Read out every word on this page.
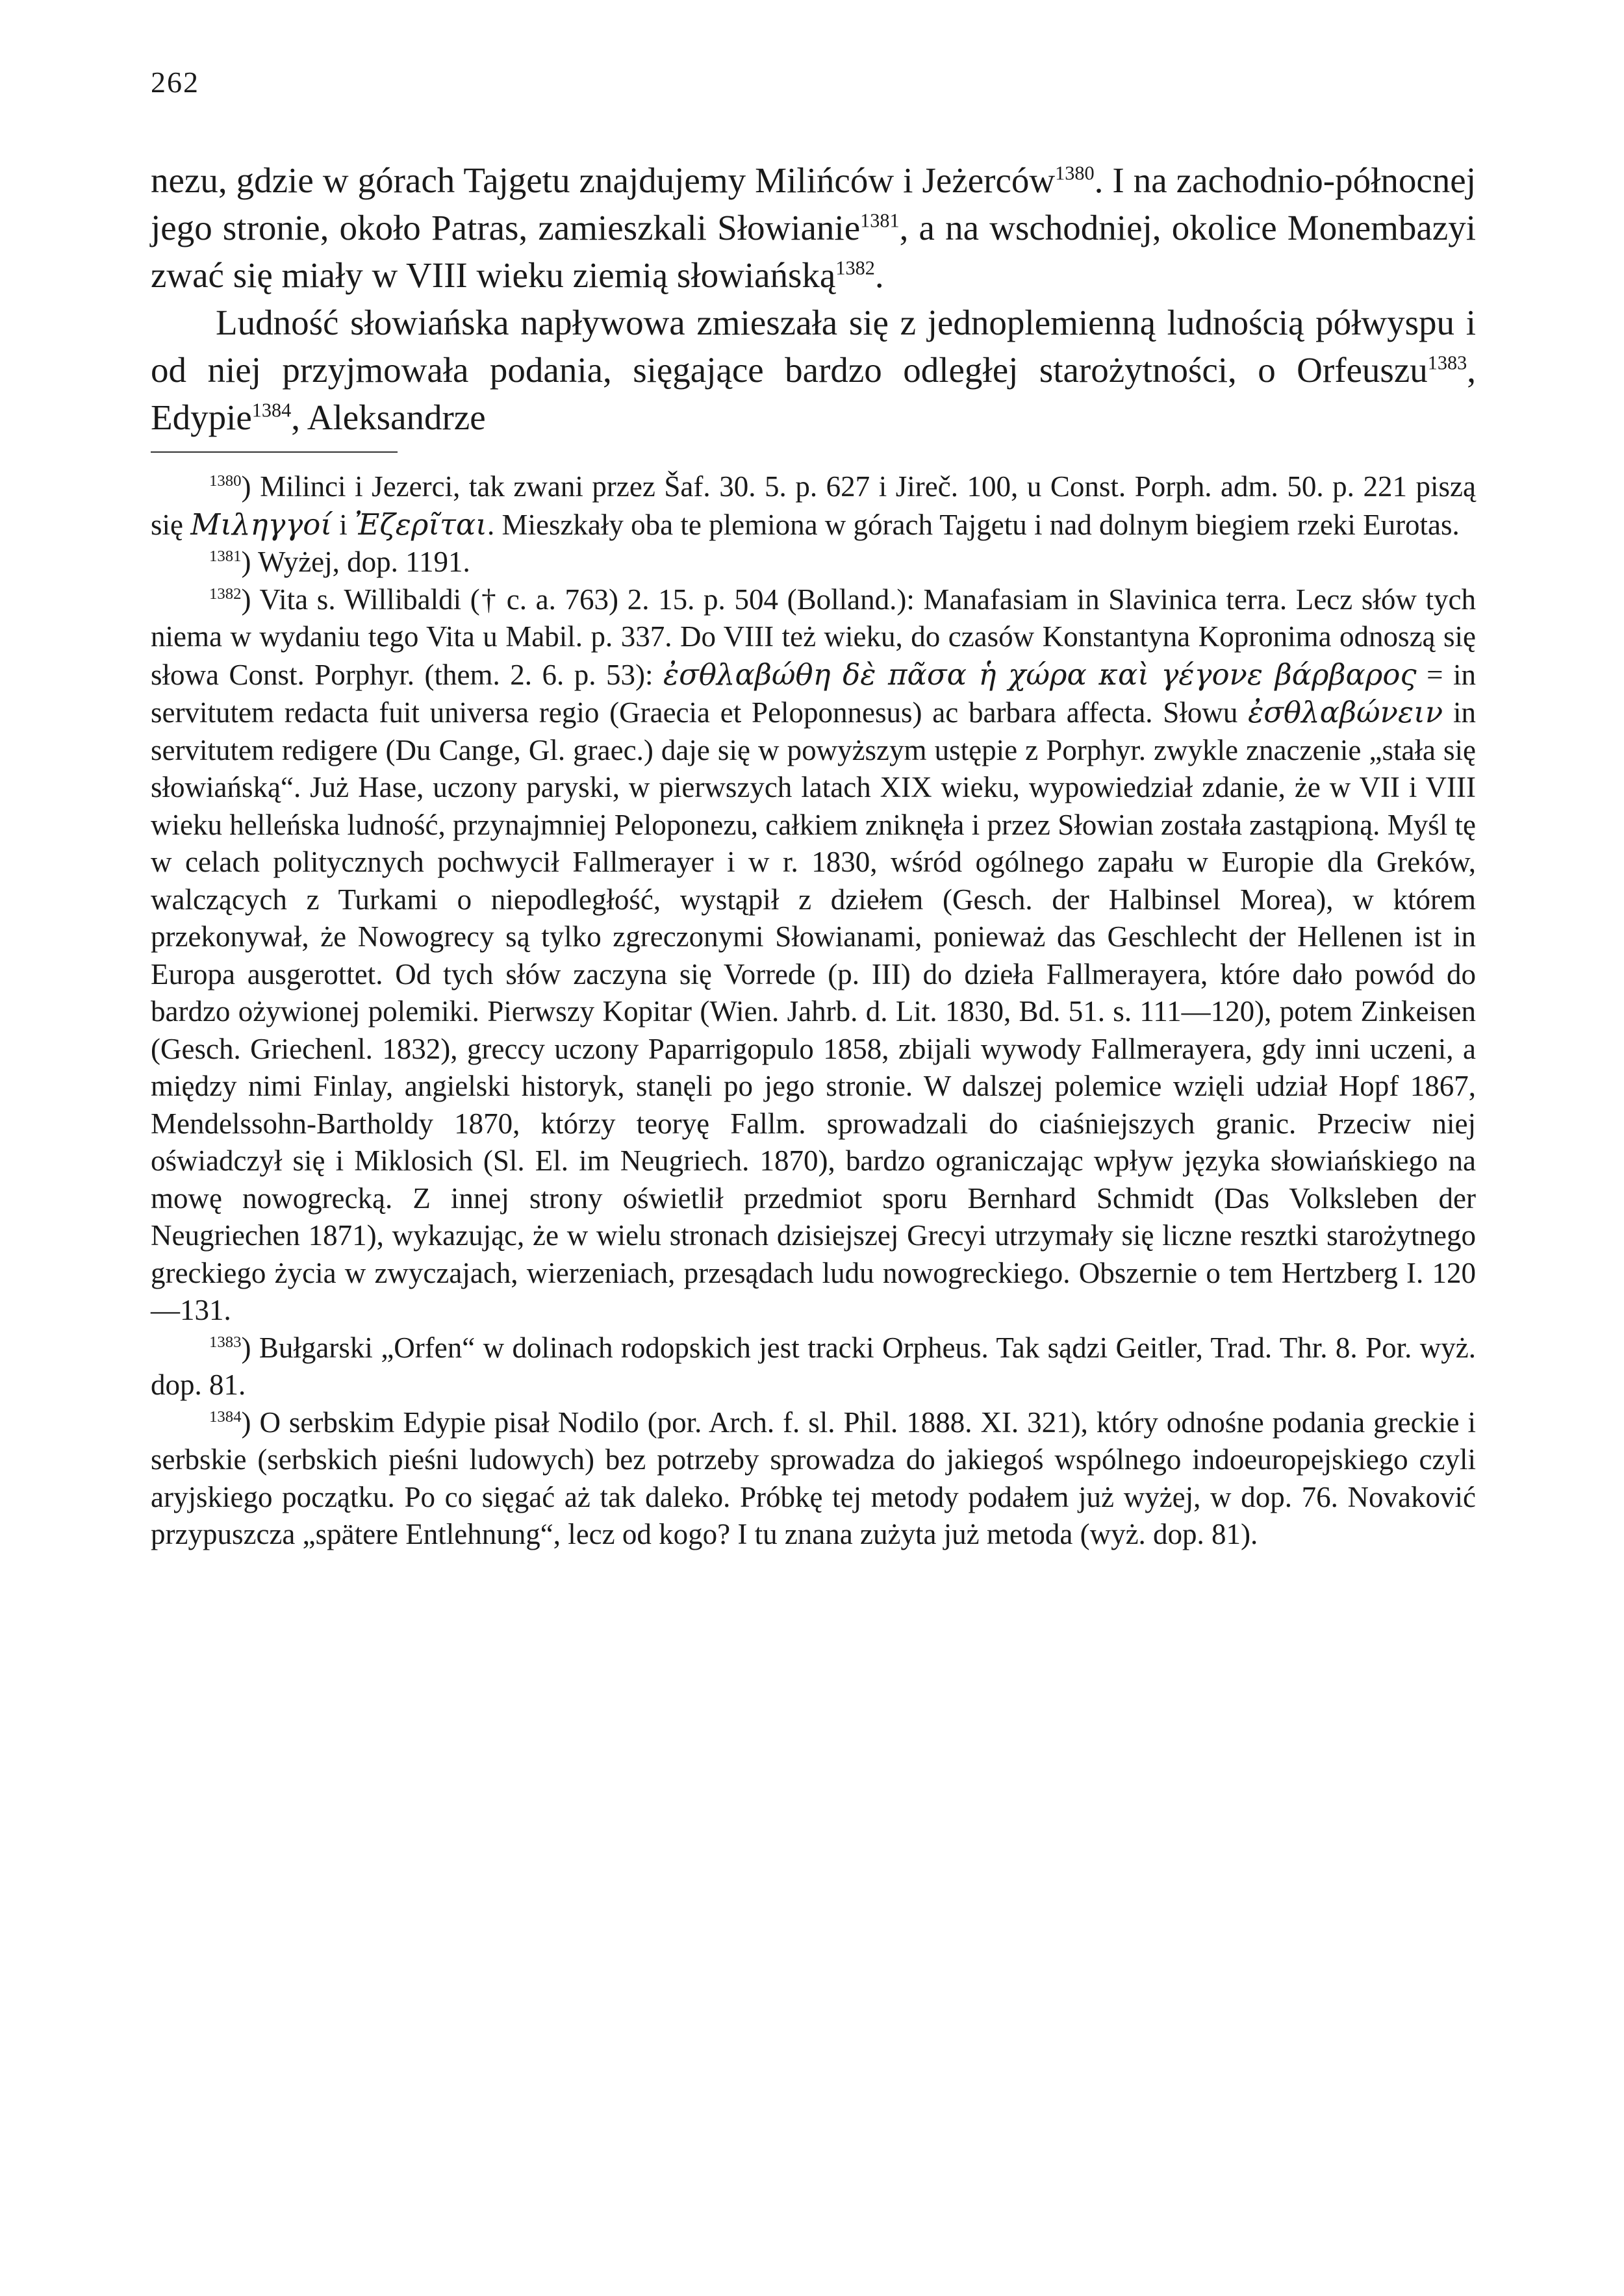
262

nezu, gdzie w górach Tajgetu znajdujemy Milińców i Jeżerców$^{1380}$. I na zachodnio-północnej jego stronie, około Patras, zamieszkali Słowianie$^{1381}$, a na wschodniej, okolice Monembazyi zwać się miały w VIII wieku ziemią słowiańską$^{1382}$.

Ludność słowiańska napływowa zmieszała się z jednoplemienną ludnością półwyspu i od niej przyjmowała podania, sięgające bardzo odległej starożytności, o Orfeuszu$^{1383}$, Edypie$^{1384}$, Aleksandrze

$^{1380}$) Milinci i Jezerci, tak zwani przez Šaf. 30. 5. p. 627 i Jireč. 100, u Const. Porph. adm. 50. p. 221 piszą się Μιληγγοί i Ἐζερῖται. Mieszkały oba te plemiona w górach Tajgetu i nad dolnym biegiem rzeki Eurotas.

$^{1381}$) Wyżej, dop. 1191.

$^{1382}$) Vita s. Willibaldi († c. a. 763) 2. 15. p. 504 (Bolland.): Manafasiam in Slavinica terra. Lecz słów tych niema w wydaniu tego Vita u Mabil. p. 337. Do VIII też wieku, do czasów Konstantyna Kopronima odnoszą się słowa Const. Porphyr. (them. 2. 6. p. 53): ἐσθλαβώθη δὲ πᾶσα ἡ χώρα καὶ γέγονε βάρβαρος = in servitutem redacta fuit universa regio (Graecia et Peloponnesus) ac barbara affecta. Słowu ἐσθλαβώνειν in servitutem redigere (Du Cange, Gl. graec.) daje się w powyższym ustępie z Porphyr. zwykle znaczenie „stała się słowiańską“. Już Hase, uczony paryski, w pierwszych latach XIX wieku, wypowiedział zdanie, że w VII i VIII wieku helleńska ludność, przynajmniej Peloponezu, całkiem zniknęła i przez Słowian została zastąpioną. Myśl tę w celach politycznych pochwycił Fallmerayer i w r. 1830, wśród ogólnego zapału w Europie dla Greków, walczących z Turkami o niepodległość, wystąpił z dziełem (Gesch. der Halbinsel Morea), w którem przekonywał, że Nowogrecy są tylko zgreczonymi Słowianami, ponieważ das Geschlecht der Hellenen ist in Europa ausgerottet. Od tych słów zaczyna się Vorrede (p. III) do dzieła Fallmerayera, które dało powód do bardzo ożywionej polemiki. Pierwszy Kopitar (Wien. Jahrb. d. Lit. 1830, Bd. 51. s. 111—120), potem Zinkeisen (Gesch. Griechenl. 1832), greccy uczony Paparrigopulo 1858, zbijali wywody Fallmerayera, gdy inni uczeni, a między nimi Finlay, angielski historyk, stanęli po jego stronie. W dalszej polemice wzięli udział Hopf 1867, Mendelssohn-Bartholdy 1870, którzy teoryę Fallm. sprowadzali do ciaśniejszych granic. Przeciw niej oświadczył się i Miklosich (Sl. El. im Neugriech. 1870), bardzo ograniczając wpływ języka słowiańskiego na mowę nowogrecką. Z innej strony oświetlił przedmiot sporu Bernhard Schmidt (Das Volksleben der Neugriechen 1871), wykazując, że w wielu stronach dzisiejszej Grecyi utrzymały się liczne resztki starożytnego greckiego życia w zwyczajach, wierzeniach, przesądach ludu nowogreckiego. Obszernie o tem Hertzberg I. 120—131.

$^{1383}$) Bułgarski „Orfen“ w dolinach rodopskich jest tracki Orpheus. Tak sądzi Geitler, Trad. Thr. 8. Por. wyż. dop. 81.

$^{1384}$) O serbskim Edypie pisał Nodilo (por. Arch. f. sl. Phil. 1888. XI. 321), który odnośne podania greckie i serbskie (serbskich pieśni ludowych) bez potrzeby sprowadza do jakiegoś wspólnego indoeuropejskiego czyli aryjskiego początku. Po co sięgać aż tak daleko. Próbkę tej metody podałem już wyżej, w dop. 76. Novaković przypuszcza „spätere Entlehnung“, lecz od kogo? I tu znana zużyta już metoda (wyż. dop. 81).
